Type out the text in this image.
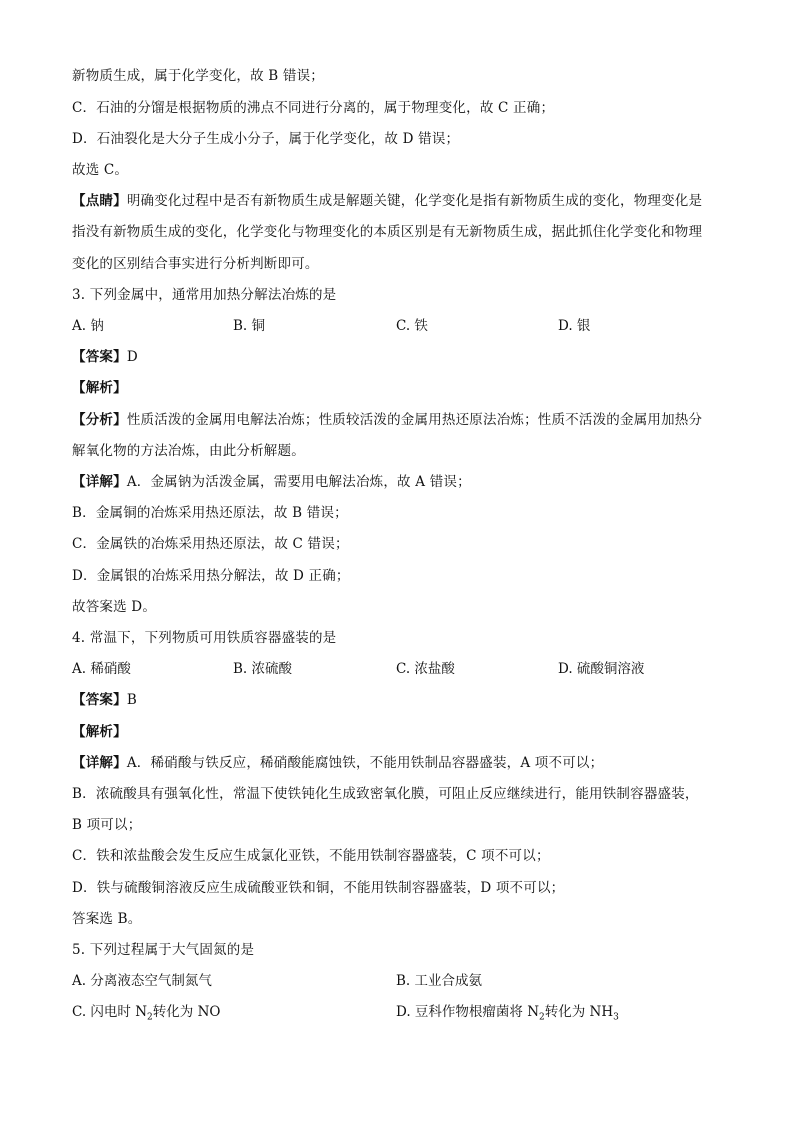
新物质生成，属于化学变化，故 B 错误；
C．石油的分馏是根据物质的沸点不同进行分离的，属于物理变化，故 C 正确；
D．石油裂化是大分子生成小分子，属于化学变化，故 D 错误；
故选 C。
【点睛】明确变化过程中是否有新物质生成是解题关键，化学变化是指有新物质生成的变化，物理变化是
指没有新物质生成的变化，化学变化与物理变化的本质区别是有无新物质生成，据此抓住化学变化和物理
变化的区别结合事实进行分析判断即可。
3. 下列金属中，通常用加热分解法冶炼的是
A. 钠	B. 铜	C. 铁	D. 银
【答案】D
【解析】
【分析】性质活泼的金属用电解法冶炼；性质较活泼的金属用热还原法冶炼；性质不活泼的金属用加热分
解氧化物的方法冶炼，由此分析解题。
【详解】A．金属钠为活泼金属，需要用电解法冶炼，故 A 错误；
B．金属铜的冶炼采用热还原法，故 B 错误；
C．金属铁的冶炼采用热还原法，故 C 错误；
D．金属银的冶炼采用热分解法，故 D 正确；
故答案选 D。
4. 常温下，下列物质可用铁质容器盛装的是
A. 稀硝酸	B. 浓硫酸	C. 浓盐酸	D. 硫酸铜溶液
【答案】B
【解析】
【详解】A．稀硝酸与铁反应，稀硝酸能腐蚀铁，不能用铁制品容器盛装，A 项不可以；
B．浓硫酸具有强氧化性，常温下使铁钝化生成致密氧化膜，可阻止反应继续进行，能用铁制容器盛装，
B 项可以；
C．铁和浓盐酸会发生反应生成氯化亚铁，不能用铁制容器盛装，C 项不可以；
D．铁与硫酸铜溶液反应生成硫酸亚铁和铜，不能用铁制容器盛装，D 项不可以；
答案选 B。
5. 下列过程属于大气固氮的是
A. 分离液态空气制氮气	B. 工业合成氨
C. 闪电时 $N_2$转化为 NO	D. 豆科作物根瘤菌将 $N_2$转化为 $NH_3$
